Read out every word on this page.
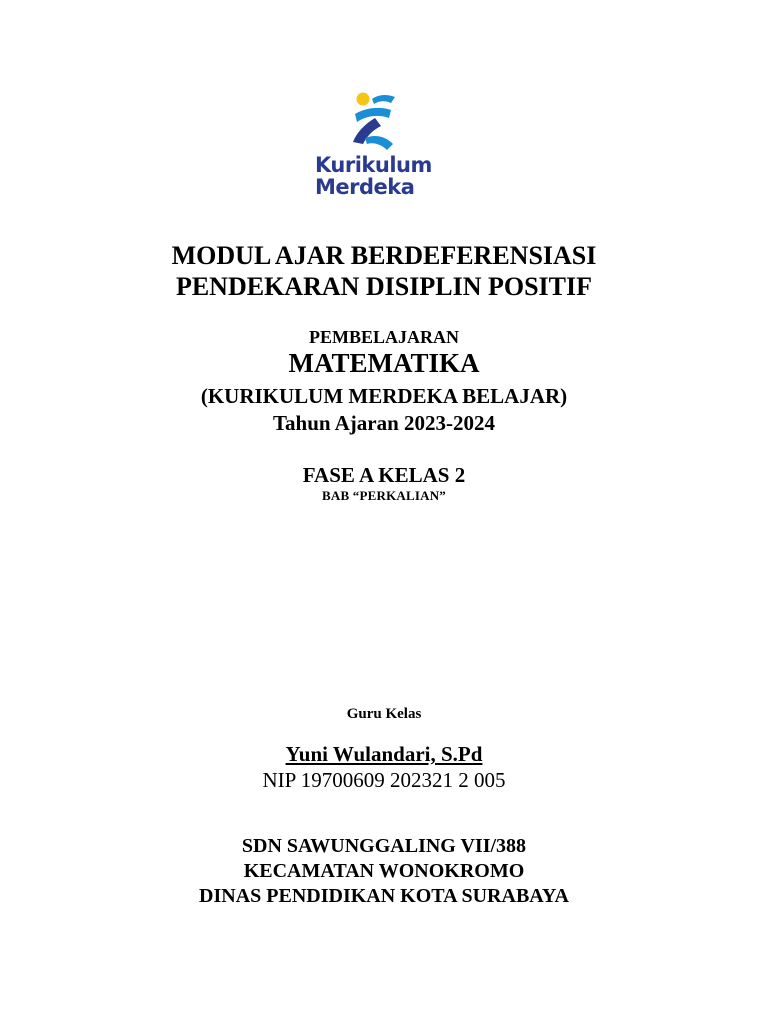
Kurikulum
Merdeka
MODUL AJAR BERDEFERENSIASI
PENDEKARAN DISIPLIN POSITIF
PEMBELAJARAN
MATEMATIKA
(KURIKULUM MERDEKA BELAJAR)
Tahun Ajaran 2023-2024
FASE A KELAS 2
BAB “PERKALIAN”
Guru Kelas
Yuni Wulandari, S.Pd
NIP 19700609 202321 2 005
SDN SAWUNGGALING VII/388
KECAMATAN WONOKROMO
DINAS PENDIDIKAN KOTA SURABAYA
